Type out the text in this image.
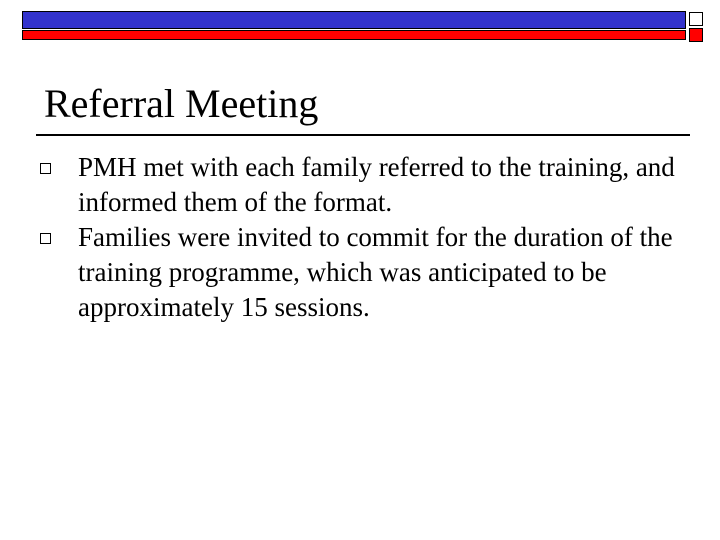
Referral Meeting
PMH met with each family referred to the training, and informed them of the format.
Families were invited to commit for the duration of the training programme, which was anticipated to be approximately 15 sessions.
